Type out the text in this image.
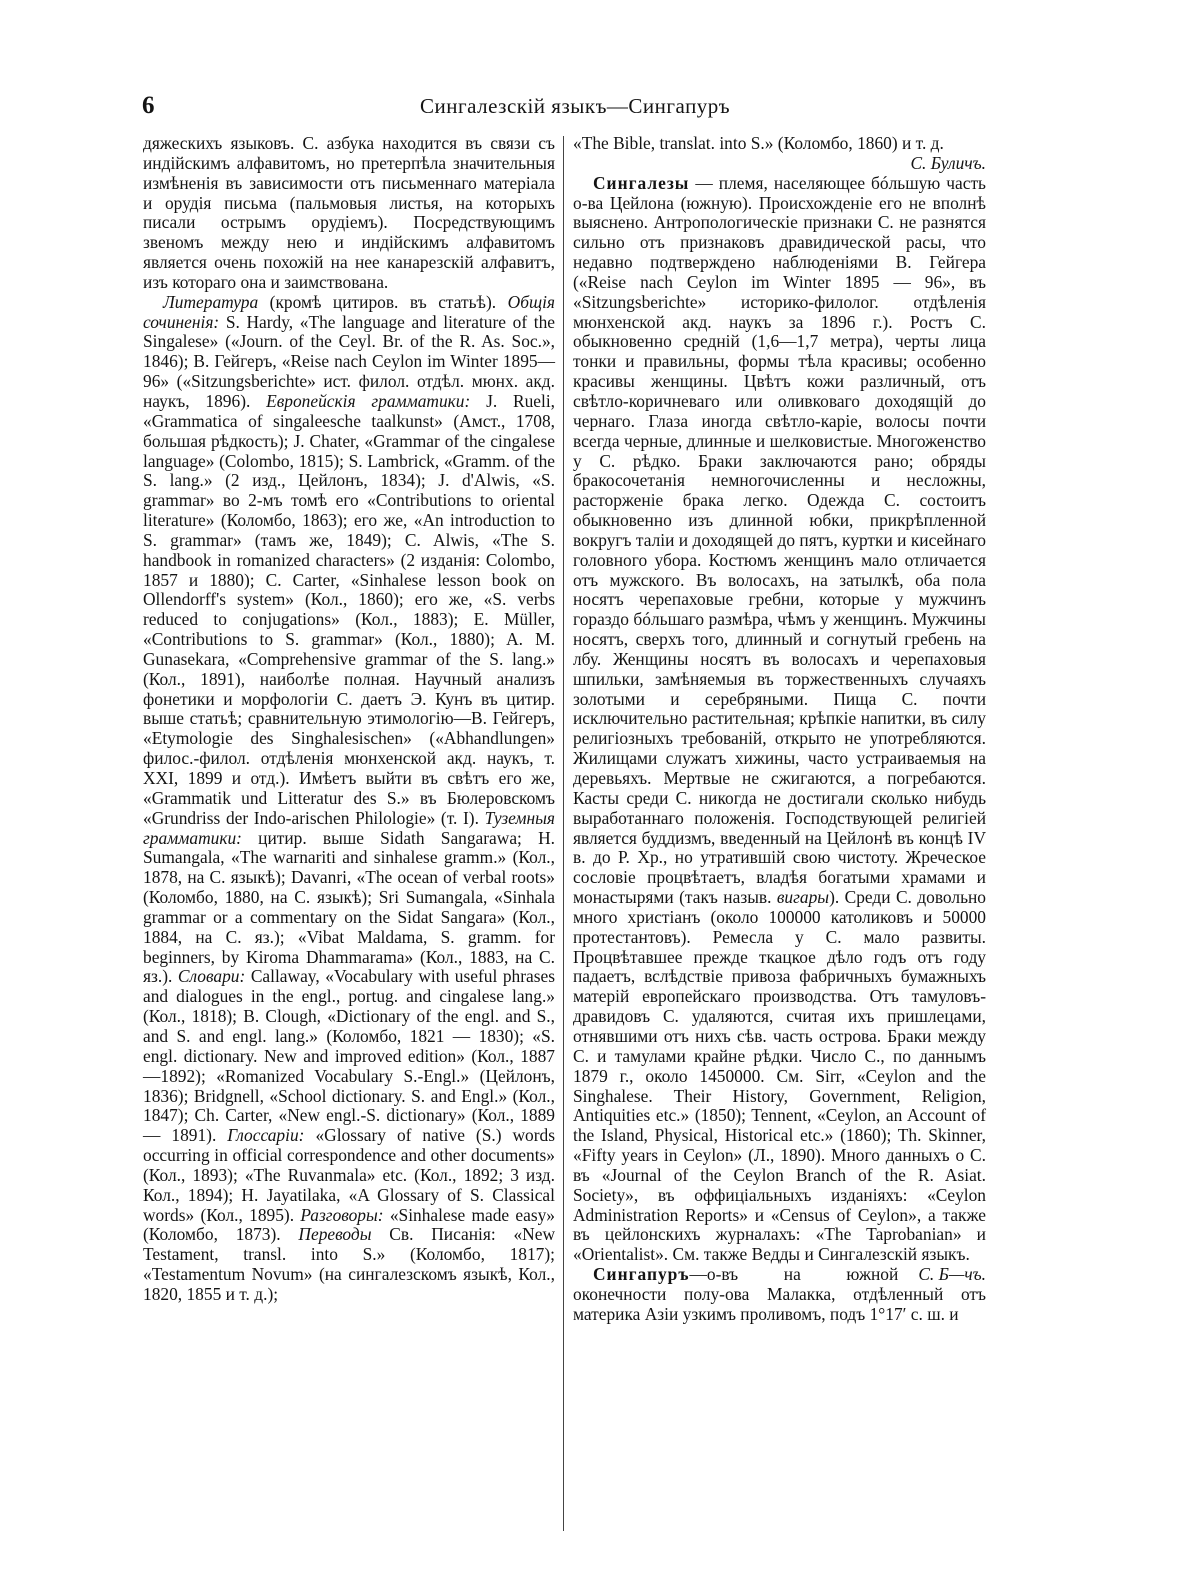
6	Сингалезскій языкъ—Сингапуръ

дяжескихъ языковъ. С. азбука находится въ связи съ индійскимъ алфавитомъ, но претерпѣла значительныя измѣненія въ зависимости отъ письменнаго матеріала и орудія письма (пальмовыя листья, на которыхъ писали острымъ орудіемъ). Посредствующимъ звеномъ между нею и индійскимъ алфавитомъ является очень похожій на нее канарезскій алфавитъ, изъ котораго она и заимствована.

Литература (кромѣ цитиров. въ статьѣ). Общія сочиненія: S. Hardy, «The language and literature of the Singalese» («Journ. of the Ceyl. Br. of the R. As. Soc.», 1846); В. Гейгеръ, «Reise nach Ceylon im Winter 1895—96» («Sitzungsberichte» ист. филол. отдѣл. мюнх. акд. наукъ, 1896). Европейскія грамматики: J. Rueli, «Grammatica of singaleesche taalkunst» (Амст., 1708, большая рѣдкость); J. Chater, «Grammar of the cingalese language» (Colombo, 1815); S. Lambrick, «Gramm. of the S. lang.» (2 изд., Цейлонъ, 1834); J. d'Alwis, «S. grammar» во 2-мъ томѣ его «Contributions to oriental literature» (Коломбо, 1863); его же, «An introduction to S. grammar» (тамъ же, 1849); C. Alwis, «The S. handbook in romanized characters» (2 изданія: Colombo, 1857 и 1880); C. Carter, «Sinhalese lesson book on Ollendorff's system» (Кол., 1860); его же, «S. verbs reduced to conjugations» (Кол., 1883); E. Müller, «Contributions to S. grammar» (Кол., 1880); A. M. Gunasekara, «Comprehensive grammar of the S. lang.» (Кол., 1891), наиболѣе полная. Научный анализъ фонетики и морфологіи С. даетъ Э. Кунъ въ цитир. выше статьѣ; сравнительную этимологію—В. Гейгеръ, «Etymologie des Singhalesischen» («Abhandlungen» филос.-филол. отдѣленія мюнхенской акд. наукъ, т. XXI, 1899 и отд.). Имѣетъ выйти въ свѣтъ его же, «Grammatik und Litteratur des S.» въ Бюлеровскомъ «Grundriss der Indo-arischen Philologie» (т. I). Туземныя грамматики: цитир. выше Sidath Sangarawa; H. Sumangala, «The warnariti and sinhalese gramm.» (Кол., 1878, на С. языкѣ); Davanri, «The ocean of verbal roots» (Коломбо, 1880, на С. языкѣ); Sri Sumangala, «Sinhala grammar or a commentary on the Sidat Sangara» (Кол., 1884, на С. яз.); «Vibat Maldama, S. gramm. for beginners, by Kiroma Dhammarama» (Кол., 1883, на С. яз.). Словари: Callaway, «Vocabulary with useful phrases and dialogues in the engl., portug. and cingalese lang.» (Кол., 1818); B. Clough, «Dictionary of the engl. and S., and S. and engl. lang.» (Коломбо, 1821 — 1830); «S. engl. dictionary. New and improved edition» (Кол., 1887—1892); «Romanized Vocabulary S.-Engl.» (Цейлонъ, 1836); Bridgnell, «School dictionary. S. and Engl.» (Кол., 1847); Ch. Carter, «New engl.-S. dictionary» (Кол., 1889 — 1891). Глоссаріи: «Glossary of native (S.) words occurring in official correspondence and other documents» (Кол., 1893); «The Ruvanmala» etc. (Кол., 1892; 3 изд. Кол., 1894); H. Jayatilaka, «A Glossary of S. Classical words» (Кол., 1895). Разговоры: «Sinhalese made easy» (Коломбо, 1873). Переводы Св. Писанія: «New Testament, transl. into S.» (Коломбо, 1817); «Testamentum Novum» (на сингалезскомъ языкѣ, Кол., 1820, 1855 и т. д.);

«The Bible, translat. into S.» (Коломбо, 1860) и т. д.
С. Буличъ.

Сингалезы — племя, населяющее бóльшую часть о-ва Цейлона (южную). Происхожденіе его не вполнѣ выяснено. Антропологическіе признаки С. не разнятся сильно отъ признаковъ дравидической расы, что недавно подтверждено наблюденіями В. Гейгера («Reise nach Ceylon im Winter 1895 — 96», въ «Sitzungsberichte» историко-филолог. отдѣленія мюнхенской акд. наукъ за 1896 г.). Ростъ С. обыкновенно средній (1,6—1,7 метра), черты лица тонки и правильны, формы тѣла красивы; особенно красивы женщины. Цвѣтъ кожи различный, отъ свѣтло-коричневаго или оливковаго доходящій до чернаго. Глаза иногда свѣтло-каріе, волосы почти всегда черные, длинные и шелковистые. Многоженство у С. рѣдко. Браки заключаются рано; обряды бракосочетанія немногочисленны и несложны, расторженіе брака легко. Одежда С. состоитъ обыкновенно изъ длинной юбки, прикрѣпленной вокругъ таліи и доходящей до пятъ, куртки и кисейнаго головного убора. Костюмъ женщинъ мало отличается отъ мужского. Въ волосахъ, на затылкѣ, оба пола носятъ черепаховые гребни, которые у мужчинъ гораздо бóльшаго размѣра, чѣмъ у женщинъ. Мужчины носятъ, сверхъ того, длинный и согнутый гребень на лбу. Женщины носятъ въ волосахъ и черепаховыя шпильки, замѣняемыя въ торжественныхъ случаяхъ золотыми и серебряными. Пища С. почти исключительно растительная; крѣпкіе напитки, въ силу религіозныхъ требованій, открыто не употребляются. Жилищами служатъ хижины, часто устраиваемыя на деревьяхъ. Мертвые не сжигаются, а погребаются. Касты среди С. никогда не достигали сколько нибудь выработаннаго положенія. Господствующей религіей является буддизмъ, введенный на Цейлонѣ въ концѣ IV в. до Р. Хр., но утратившій свою чистоту. Жреческое сословіе процвѣтаетъ, владѣя богатыми храмами и монастырями (такъ назыв. вигары). Среди С. довольно много христіанъ (около 100000 католиковъ и 50000 протестантовъ). Ремесла у С. мало развиты. Процвѣтавшее прежде ткацкое дѣло годъ отъ году падаетъ, вслѣдствіе привоза фабричныхъ бумажныхъ матерій европейскаго производства. Отъ тамуловъ-дравидовъ С. удаляются, считая ихъ пришлецами, отнявшими отъ нихъ сѣв. часть острова. Браки между С. и тамулами крайне рѣдки. Число С., по даннымъ 1879 г., около 1450000. См. Sirr, «Ceylon and the Singhalese. Their History, Government, Religion, Antiquities etc.» (1850); Tennent, «Ceylon, an Account of the Island, Physical, Historical etc.» (1860); Th. Skinner, «Fifty years in Ceylon» (Л., 1890). Много данныхъ о С. въ «Journal of the Ceylon Branch of the R. Asiat. Society», въ оффиціальныхъ изданіяхъ: «Ceylon Administration Reports» и «Census of Ceylon», а также въ цейлонскихъ журналахъ: «The Taprobanian» и «Orientalist». См. также Ведды и Сингалезскій языкъ.
С. Б—чъ.

Сингапуръ—о-въ на южной оконечности полу-ова Малакка, отдѣленный отъ материка Азіи узкимъ проливомъ, подъ 1°17′ с. ш. и
